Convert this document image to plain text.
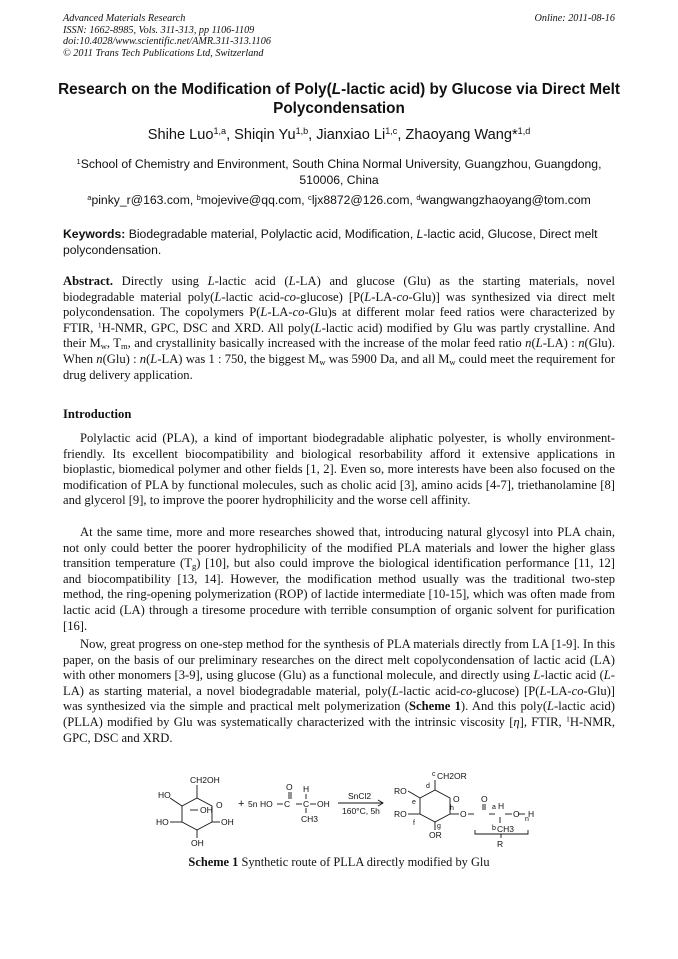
Advanced Materials Research
ISSN: 1662-8985, Vols. 311-313, pp 1106-1109
doi:10.4028/www.scientific.net/AMR.311-313.1106
© 2011 Trans Tech Publications Ltd, Switzerland
Online: 2011-08-16
Research on the Modification of Poly(L-lactic acid) by Glucose via Direct Melt Polycondensation
Shihe Luo$^{1,a}$, Shiqin Yu$^{1,b}$, Jianxiao Li$^{1,c}$, Zhaoyang Wang*$^{1,d}$
$^1$School of Chemistry and Environment, South China Normal University, Guangzhou, Guangdong, 510006, China
$^a$pinky_r@163.com, $^b$mojevive@qq.com, $^c$ljx8872@126.com, $^d$wangwangzhaoyang@tom.com
Keywords: Biodegradable material, Polylactic acid, Modification, L-lactic acid, Glucose, Direct melt polycondensation.
Abstract. Directly using L-lactic acid (L-LA) and glucose (Glu) as the starting materials, novel biodegradable material poly(L-lactic acid-co-glucose) [P(L-LA-co-Glu)] was synthesized via direct melt polycondensation. The copolymers P(L-LA-co-Glu)s at different molar feed ratios were characterized by FTIR, $^1$H-NMR, GPC, DSC and XRD. All poly(L-lactic acid) modified by Glu was partly crystalline. And their $M_w$, $T_m$, and crystallinity basically increased with the increase of the molar feed ratio n(L-LA) : n(Glu). When n(Glu) : n(L-LA) was 1 : 750, the biggest $M_w$ was 5900 Da, and all $M_w$ could meet the requirement for drug delivery application.
Introduction
Polylactic acid (PLA), a kind of important biodegradable aliphatic polyester, is wholly environment-friendly. Its excellent biocompatibility and biological resorbability afford it extensive applications in bioplastic, biomedical polymer and other fields [1, 2]. Even so, more interests have been also focused on the modification of PLA by functional molecules, such as cholic acid [3], amino acids [4-7], triethanolamine [8] and glycerol [9], to improve the poorer hydrophilicity and the worse cell affinity.
At the same time, more and more researches showed that, introducing natural glycosyl into PLA chain, not only could better the poorer hydrophilicity of the modified PLA materials and lower the higher glass transition temperature $(T_g)$ [10], but also could improve the biological identification performance [11, 12] and biocompatibility [13, 14]. However, the modification method usually was the traditional two-step method, the ring-opening polymerization (ROP) of lactide intermediate [10-15], which was often made from lactic acid (LA) through a tiresome procedure with terrible consumption of organic solvent for purification [16].
Now, great progress on one-step method for the synthesis of PLA materials directly from LA [1-9]. In this paper, on the basis of our preliminary researches on the direct melt copolycondensation of lactic acid (LA) with other monomers [3-9], using glucose (Glu) as a functional molecule, and directly using L-lactic acid (L-LA) as starting material, a novel biodegradable material, poly(L-lactic acid-co-glucose) [P(L-LA-co-Glu)] was synthesized via the simple and practical melt polymerization (Scheme 1). And this poly(L-lactic acid) (PLLA) modified by Glu was systematically characterized with the intrinsic viscosity [η], FTIR, $^1$H-NMR, GPC, DSC and XRD.
CH2OH
HO
OH O
HO	OH
OH
+ 5n HO
O
C
H
C OH
CH3
SnCl2
160°C, 5h
c CH2OR
d
RO
e	O
RO
h
f	g
OR
O
O
a H
b CH3
O
n
H
R
Scheme 1 Synthetic route of PLLA directly modified by Glu
